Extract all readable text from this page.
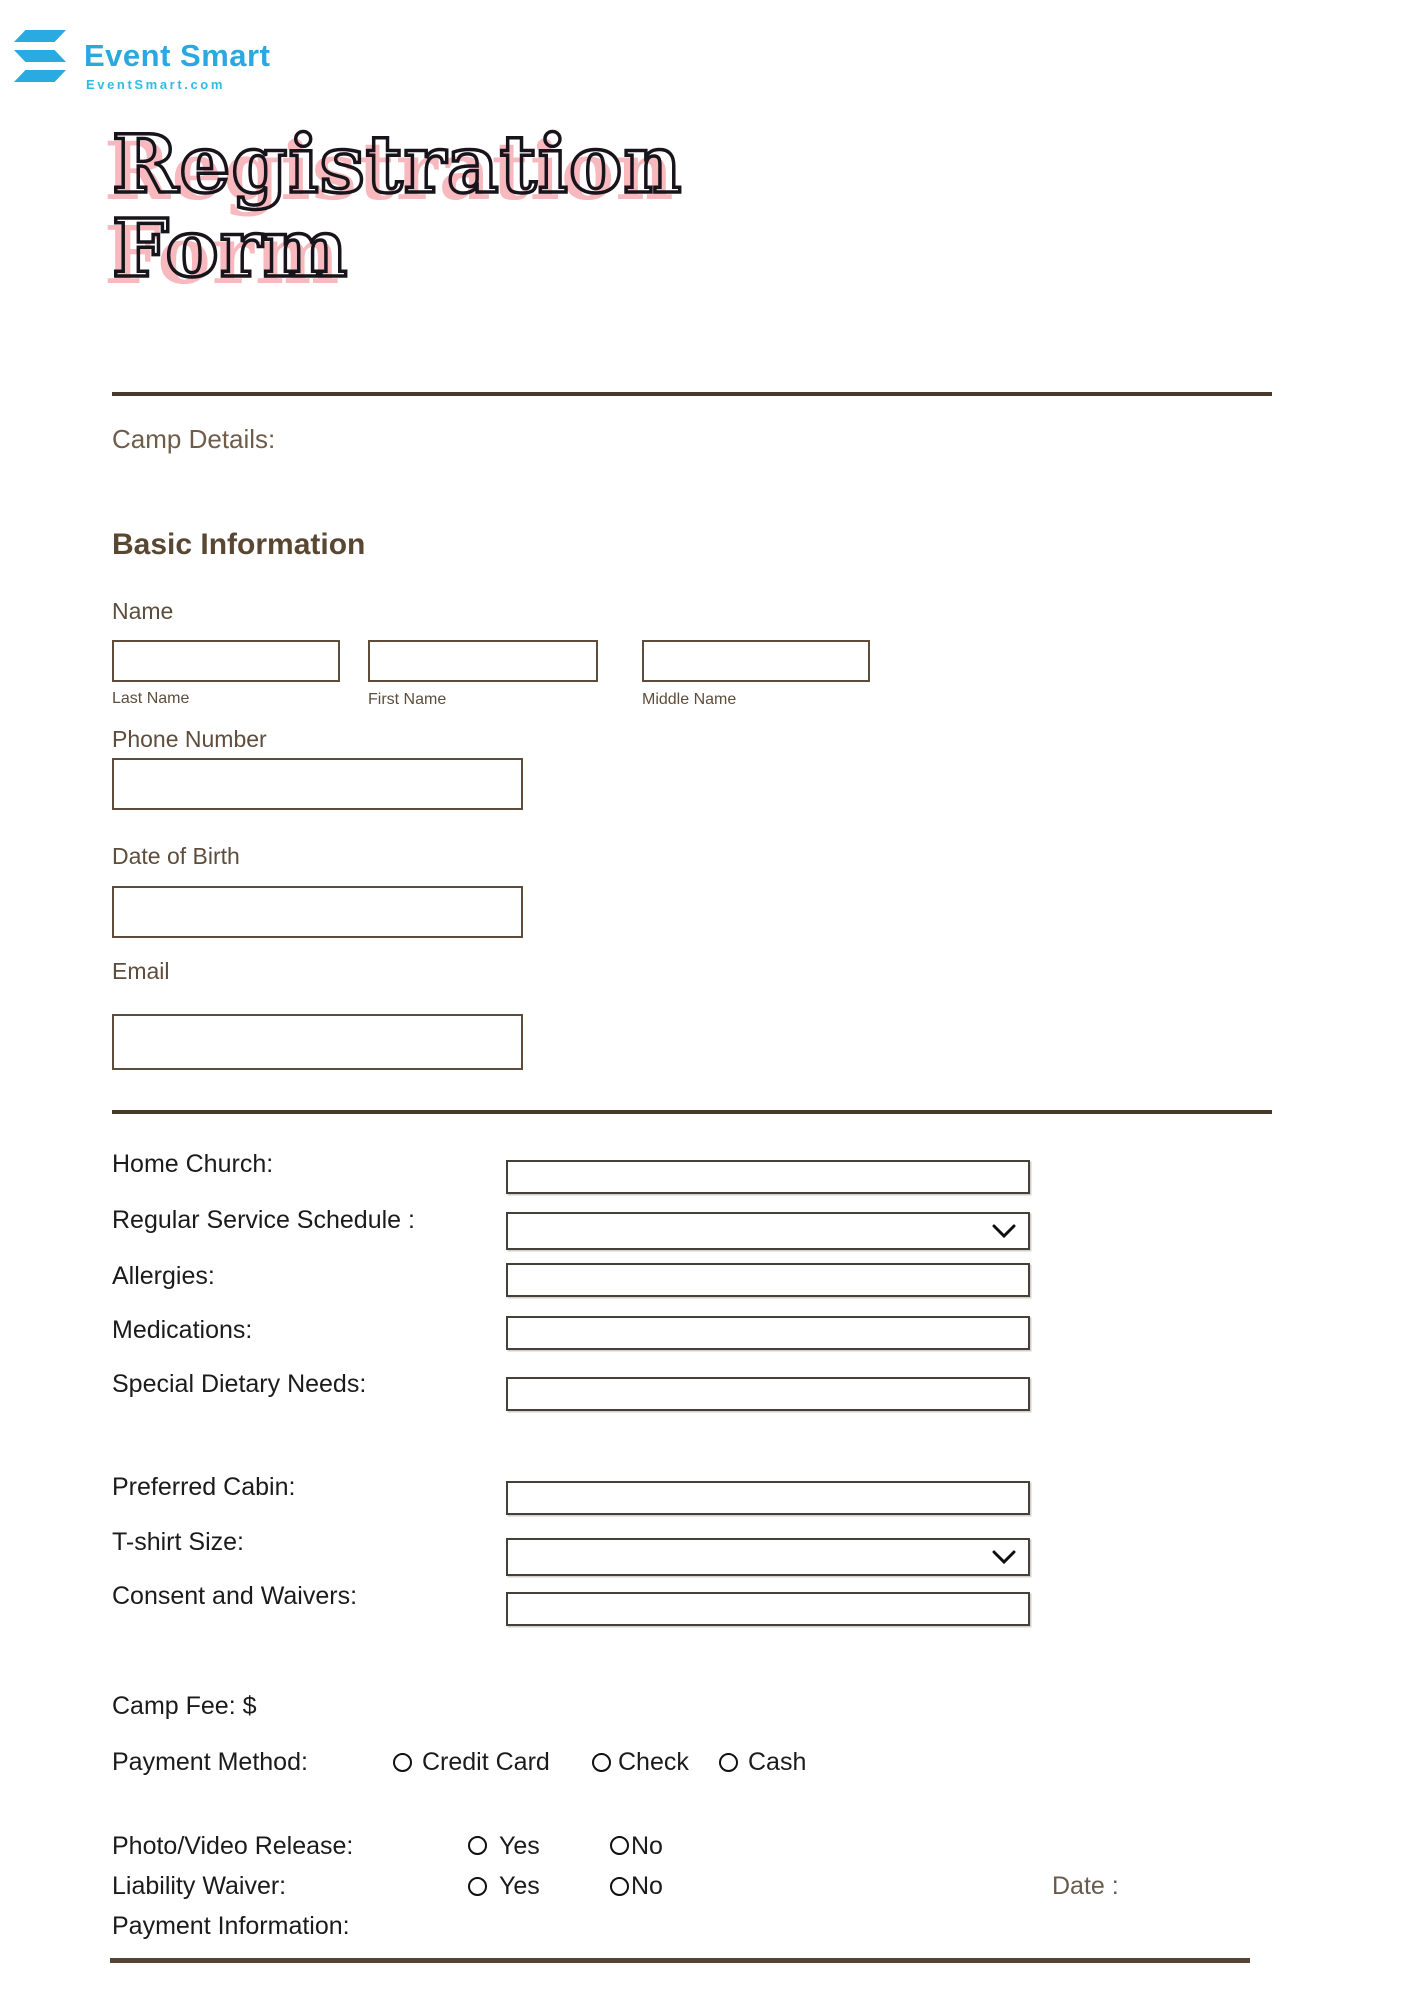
Event Smart
EventSmart.com
Registration Registration
Form Form
Camp Details:
Basic Information
Name
Last Name	First Name	Middle Name
Phone Number
Date of Birth
Email
Home Church:
Regular Service Schedule :
Allergies:
Medications:
Special Dietary Needs:
Preferred Cabin:
T-shirt Size:
Consent and Waivers:
Camp Fee: $
Payment Method:	Credit Card	Check Cash
Photo/Video Release:	Yes	No
Liability Waiver:	Yes	No
Payment Information:
Date :
